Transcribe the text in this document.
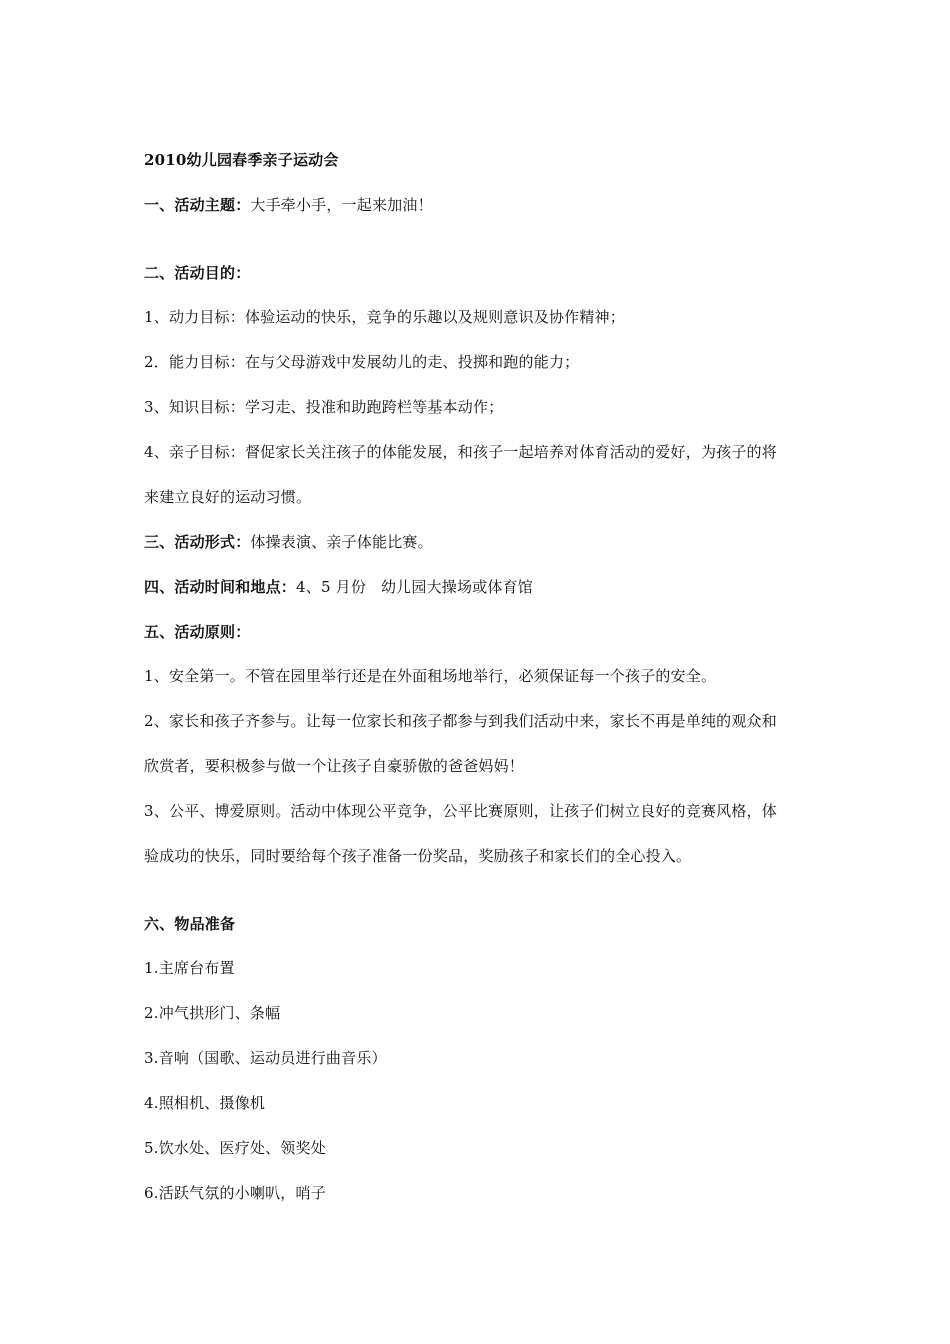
2010幼儿园春季亲子运动会
一、活动主题：大手牵小手，一起来加油！
二、活动目的：
1、动力目标：体验运动的快乐，竞争的乐趣以及规则意识及协作精神；
2．能力目标：在与父母游戏中发展幼儿的走、投掷和跑的能力；
3、知识目标：学习走、投准和助跑跨栏等基本动作；
4、亲子目标：督促家长关注孩子的体能发展，和孩子一起培养对体育活动的爱好，为孩子的将
来建立良好的运动习惯。
三、活动形式：体操表演、亲子体能比赛。
四、活动时间和地点：4、5 月份   幼儿园大操场或体育馆
五、活动原则：
1、安全第一。不管在园里举行还是在外面租场地举行，必须保证每一个孩子的安全。
2、家长和孩子齐参与。让每一位家长和孩子都参与到我们活动中来，家长不再是单纯的观众和
欣赏者，要积极参与做一个让孩子自豪骄傲的爸爸妈妈！
3、公平、博爱原则。活动中体现公平竞争，公平比赛原则，让孩子们树立良好的竞赛风格，体
验成功的快乐，同时要给每个孩子准备一份奖品，奖励孩子和家长们的全心投入。
六、物品准备
1.主席台布置
2.冲气拱形门、条幅
3.音响（国歌、运动员进行曲音乐）
4.照相机、摄像机
5.饮水处、医疗处、领奖处
6.活跃气氛的小喇叭，哨子
